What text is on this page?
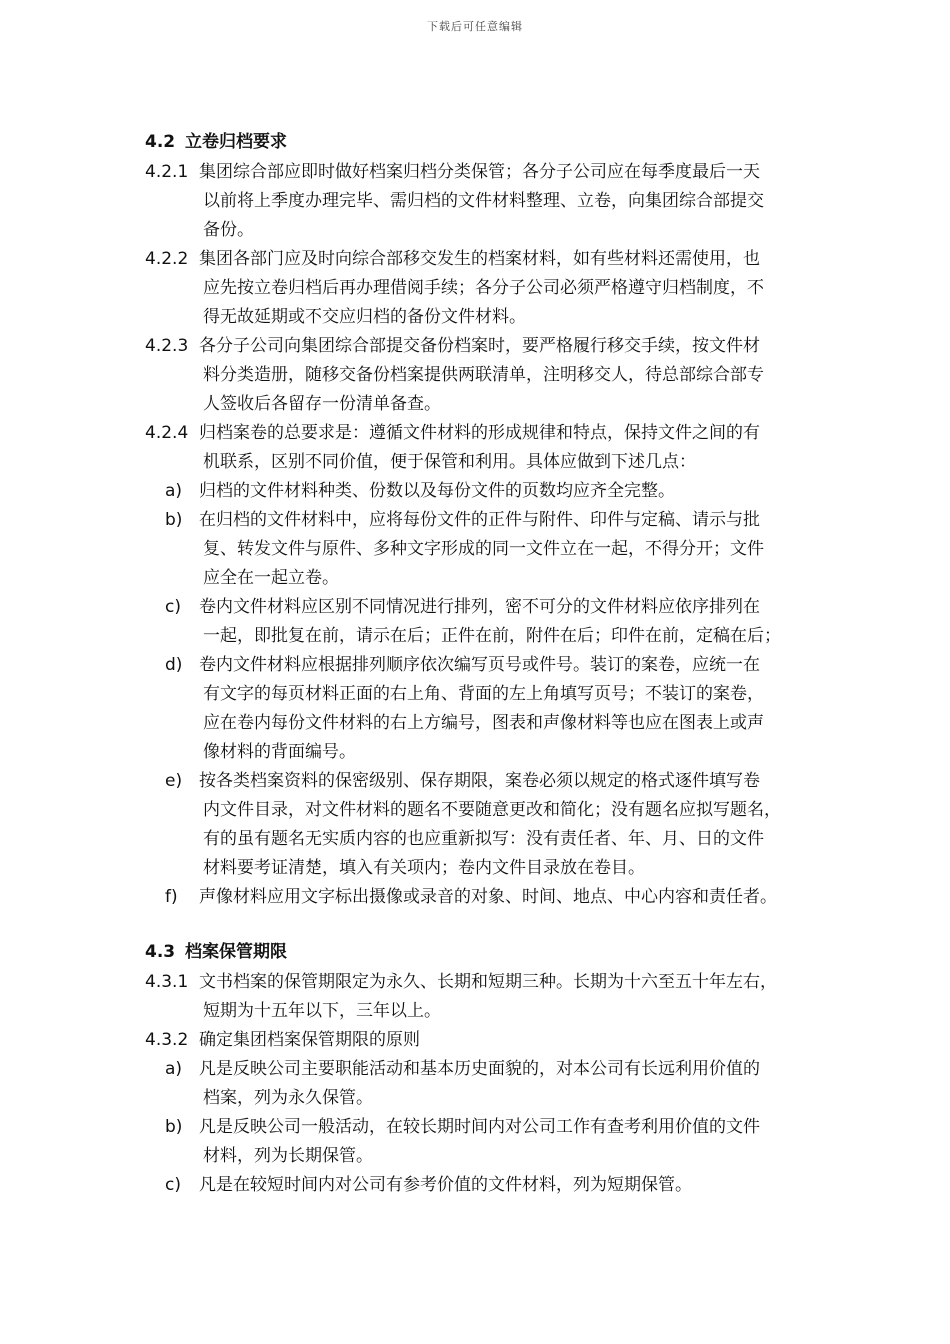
下载后可任意编辑
4.2 立卷归档要求
4.2.1 集团综合部应即时做好档案归档分类保管；各分子公司应在每季度最后一天
以前将上季度办理完毕、需归档的文件材料整理、立卷，向集团综合部提交
备份。
4.2.2 集团各部门应及时向综合部移交发生的档案材料，如有些材料还需使用，也
应先按立卷归档后再办理借阅手续；各分子公司必须严格遵守归档制度，不
得无故延期或不交应归档的备份文件材料。
4.2.3 各分子公司向集团综合部提交备份档案时，要严格履行移交手续，按文件材
料分类造册，随移交备份档案提供两联清单，注明移交人，待总部综合部专
人签收后各留存一份清单备查。
4.2.4 归档案卷的总要求是：遵循文件材料的形成规律和特点，保持文件之间的有
机联系，区别不同价值，便于保管和利用。具体应做到下述几点：
a) 归档的文件材料种类、份数以及每份文件的页数均应齐全完整。
b) 在归档的文件材料中，应将每份文件的正件与附件、印件与定稿、请示与批
复、转发文件与原件、多种文字形成的同一文件立在一起，不得分开；文件
应全在一起立卷。
c) 卷内文件材料应区别不同情况进行排列，密不可分的文件材料应依序排列在
一起，即批复在前，请示在后；正件在前，附件在后；印件在前，定稿在后；
d) 卷内文件材料应根据排列顺序依次编写页号或件号。装订的案卷，应统一在
有文字的每页材料正面的右上角、背面的左上角填写页号；不装订的案卷，
应在卷内每份文件材料的右上方编号，图表和声像材料等也应在图表上或声
像材料的背面编号。
e) 按各类档案资料的保密级别、保存期限，案卷必须以规定的格式逐件填写卷
内文件目录，对文件材料的题名不要随意更改和简化；没有题名应拟写题名，
有的虽有题名无实质内容的也应重新拟写：没有责任者、年、月、日的文件
材料要考证清楚，填入有关项内；卷内文件目录放在卷目。
f) 声像材料应用文字标出摄像或录音的对象、时间、地点、中心内容和责任者。
4.3 档案保管期限
4.3.1 文书档案的保管期限定为永久、长期和短期三种。长期为十六至五十年左右，
短期为十五年以下，三年以上。
4.3.2 确定集团档案保管期限的原则
a) 凡是反映公司主要职能活动和基本历史面貌的，对本公司有长远利用价值的
档案，列为永久保管。
b) 凡是反映公司一般活动，在较长期时间内对公司工作有查考利用价值的文件
材料，列为长期保管。
c) 凡是在较短时间内对公司有参考价值的文件材料，列为短期保管。
